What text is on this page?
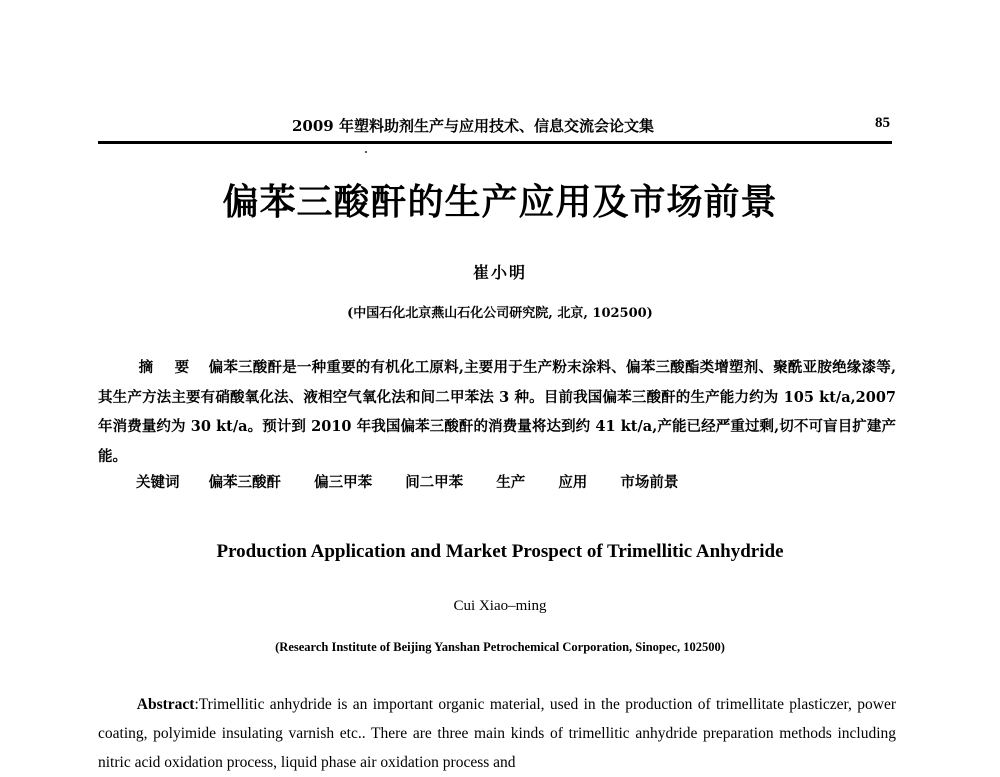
2009 年塑料助剂生产与应用技术、信息交流会论文集	85
偏苯三酸酐的生产应用及市场前景
崔小明
(中国石化北京燕山石化公司研究院, 北京, 102500)
摘 要 偏苯三酸酐是一种重要的有机化工原料,主要用于生产粉末涂料、偏苯三酸酯类增塑剂、聚酰亚胺绝缘漆等,其生产方法主要有硝酸氧化法、液相空气氧化法和间二甲苯法 3 种。目前我国偏苯三酸酐的生产能力约为 105 kt/a,2007 年消费量约为 30 kt/a。预计到 2010 年我国偏苯三酸酐的消费量将达到约 41 kt/a,产能已经严重过剩,切不可盲目扩建产能。
关键词 偏苯三酸酐 偏三甲苯 间二甲苯 生产 应用 市场前景
Production Application and Market Prospect of Trimellitic Anhydride
Cui Xiao–ming
(Research Institute of Beijing Yanshan Petrochemical Corporation, Sinopec, 102500)
Abstract:Trimellitic anhydride is an important organic material, used in the production of trimellitate plasticzer, power coating, polyimide insulating varnish etc.. There are three main kinds of trimellitic anhydride preparation methods including nitric acid oxidation process, liquid phase air oxidation process and
